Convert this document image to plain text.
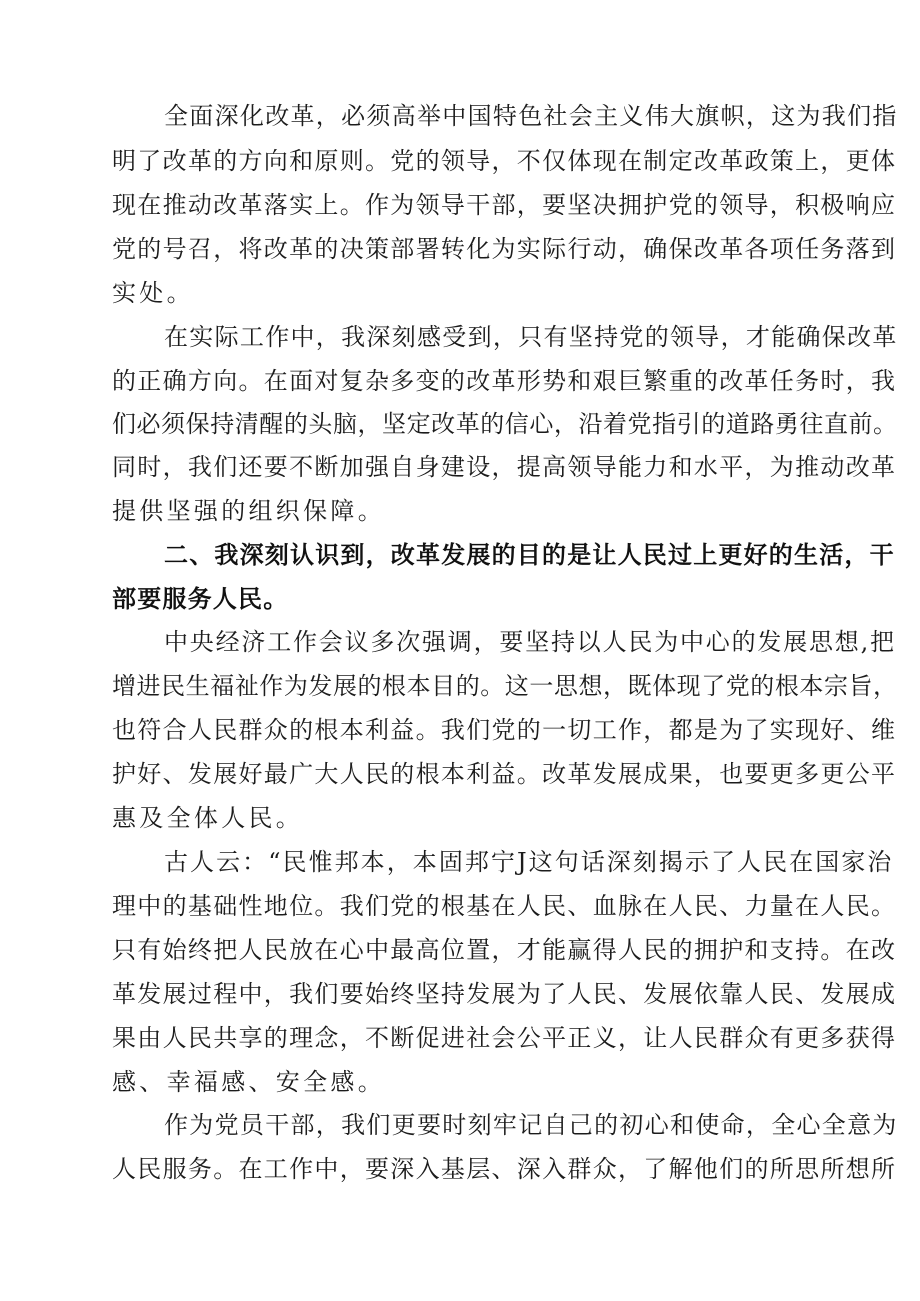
全面深化改革，必须高举中国特色社会主义伟大旗帜，这为我们指

明了改革的方向和原则。党的领导，不仅体现在制定改革政策上，更体

现在推动改革落实上。作为领导干部，要坚决拥护党的领导，积极响应

党的号召，将改革的决策部署转化为实际行动，确保改革各项任务落到

实处。

在实际工作中，我深刻感受到，只有坚持党的领导，才能确保改革

的正确方向。在面对复杂多变的改革形势和艰巨繁重的改革任务时，我

们必须保持清醒的头脑，坚定改革的信心，沿着党指引的道路勇往直前。

同时，我们还要不断加强自身建设，提高领导能力和水平，为推动改革

提供坚强的组织保障。

二、我深刻认识到，改革发展的目的是让人民过上更好的生活，干

部要服务人民。

中央经济工作会议多次强调，要坚持以人民为中心的发展思想,把

增进民生福祉作为发展的根本目的。这一思想，既体现了党的根本宗旨，

也符合人民群众的根本利益。我们党的一切工作，都是为了实现好、维

护好、发展好最广大人民的根本利益。改革发展成果，也要更多更公平

惠及全体人民。

古人云：“民惟邦本，本固邦宁J这句话深刻揭示了人民在国家治

理中的基础性地位。我们党的根基在人民、血脉在人民、力量在人民。

只有始终把人民放在心中最高位置，才能赢得人民的拥护和支持。在改

革发展过程中，我们要始终坚持发展为了人民、发展依靠人民、发展成

果由人民共享的理念，不断促进社会公平正义，让人民群众有更多获得

感、幸福感、安全感。

作为党员干部，我们更要时刻牢记自己的初心和使命，全心全意为

人民服务。在工作中，要深入基层、深入群众，了解他们的所思所想所
